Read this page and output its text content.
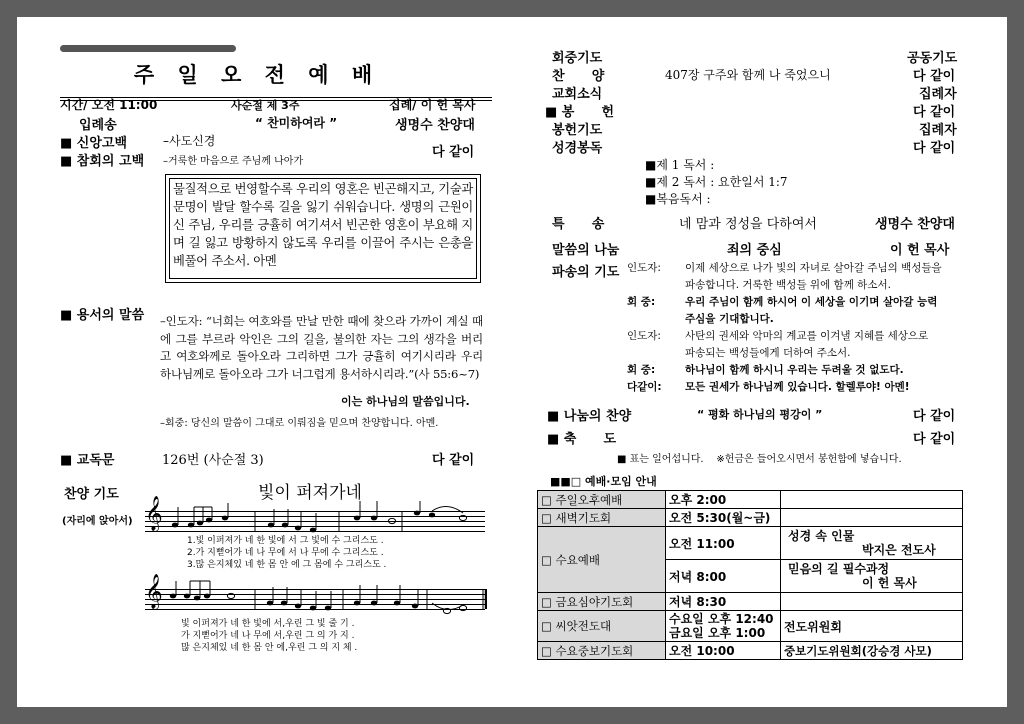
주 일 오 전 예 배
시간/ 오전 11:00	사순절 제 3주	집례/ 이 헌 목사
입례송	“ 찬미하여라 ”	생명수 찬양대
■ 신앙고백	–사도신경
■ 참회의 고백 –거룩한 마음으로 주님께 나아가
다 같이
물질적으로 번영할수록 우리의 영혼은 빈곤해지고, 기술과 문명이 발달 할수록 길을 잃기 쉬워습니다. 생명의 근원이신 주님, 우리를 긍휼히 여기셔서 빈곤한 영혼이 부요해 지며 길 잃고 방황하지 않도록 우리를 이끌어 주시는 은총을 베풀어 주소서. 아멘
■ 용서의 말씀 –인도자: “너희는 여호와를 만날 만한 때에 찾으라 가까이 계실 때에 그를 부르라 악인은 그의 길을, 불의한 자는 그의 생각을 버리고 여호와께로 돌아오라 그리하면 그가 긍휼히 여기시리라 우리 하나님께로 돌아오라 그가 너그럽게 용서하시리라.”(사 55:6~7)
이는 하나님의 말씀입니다.
–회중: 당신의 말씀이 그대로 이뤄짐을 믿으며 찬양합니다. 아멘.
■ 교독문	126번 (사순절 3)	다 같이
찬양 기도	빛이 퍼져가네
(자리에 앉아서) 𝄞
1.빛 이퍼져가 네 한 빛에 서 그 빛에 수 그리스도 .
2.가 지뻗어가 네 나 무에 서 나 무에 수 그리스도 .
3.많 은지체있 네 한 몸 안 에 그 몸에 수 그리스도 .
𝄞
빛 이퍼져가 네 한 빛에 서,우린 그 빛 줄 기 .
가 지뻗어가 네 나 무에 서,우린 그 의 가 지 .
많 은지체있 네 한 몸 안 에,우린 그 의 지 체 .
회중기도	공동기도
찬      양	407장 구주와 함께 나 죽었으니	다 같이
교회소식	집례자
■ 봉      헌	다 같이
봉헌기도	집례자
성경봉독	다 같이
■제 1 독서 :
■제 2 독서 : 요한일서 1:7
■복음독서 :
특      송	네 맘과 정성을 다하여서	생명수 찬양대
말씀의 나눔	죄의 중심	이 헌 목사
파송의 기도 인도자: 이제 세상으로 나가 빛의 자녀로 살아갈 주님의 백성들을
파송합니다. 거룩한 백성들 위에 함께 하소서.
회 중:	우리 주님이 함께 하시어 이 세상을 이기며 살아갈 능력
주심을 기대합니다.
인도자: 사탄의 권세와 악마의 계교를 이겨낼 지혜를 세상으로
파송되는 백성들에게 더하여 주소서.
회 중:	하나님이 함께 하시니 우리는 두려울 것 없도다.
다같이: 모든 권세가 하나님께 있습니다. 할렐루야! 아멘!
■ 나눔의 찬양	“ 평화 하나님의 평강이 ”	다 같이
■ 축      도	다 같이
■ 표는 일어섭니다.    ※헌금은 들어오시면서 봉헌함에 넣습니다.
■■□ 예배·모임 안내
□ 주일오후예배	오후 2:00	
□ 새벽기도회	오전 5:30(월~금)	
□ 수요예배	오전 11:00	성경 속 인물
박지은 전도사

	저녁 8:00	믿음의 길 필수과정
이 헌 목사

□ 금요심야기도회	저녁 8:30	
□ 씨앗전도대	수요일 오후 12:40
금요일 오후 1:00	전도위원회
□ 수요중보기도회	오전 10:00	중보기도위원회(강승경 사모)
